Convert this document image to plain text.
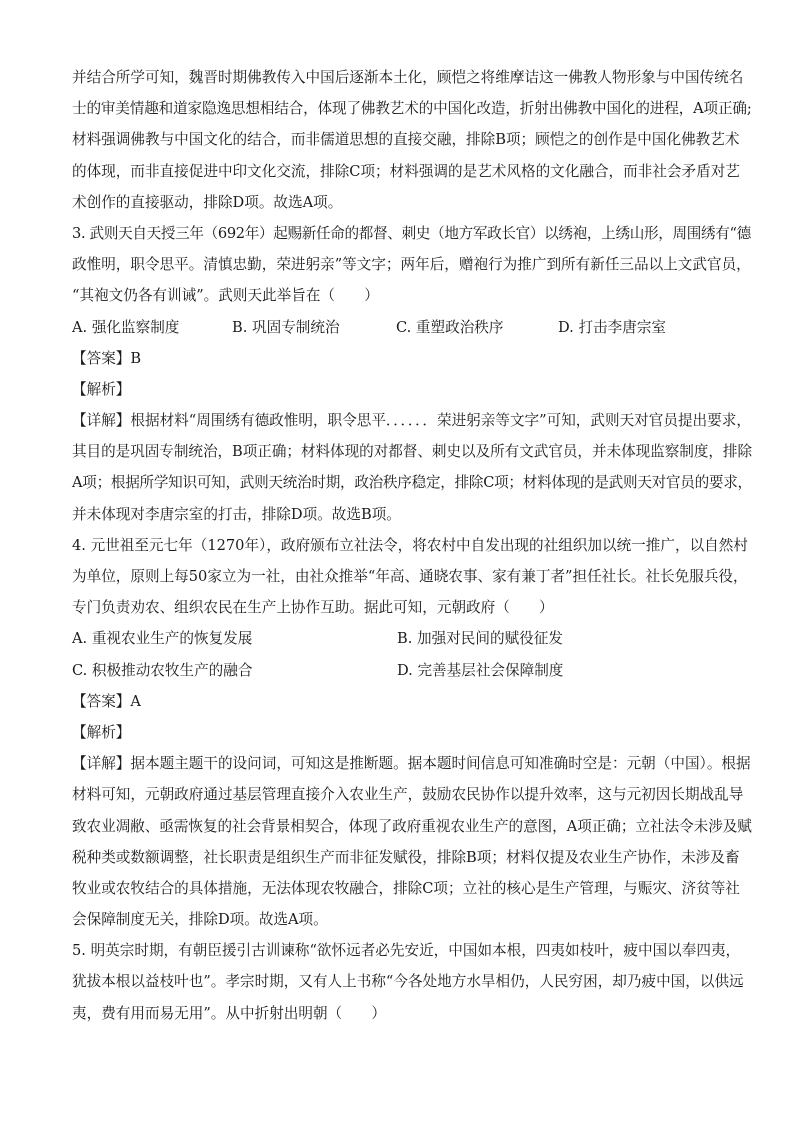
并结合所学可知，魏晋时期佛教传入中国后逐渐本土化，顾恺之将维摩诘这一佛教人物形象与中国传统名
士的审美情趣和道家隐逸思想相结合，体现了佛教艺术的中国化改造，折射出佛教中国化的进程，A项正确;
材料强调佛教与中国文化的结合，而非儒道思想的直接交融，排除B项；顾恺之的创作是中国化佛教艺术
的体现，而非直接促进中印文化交流，排除C项；材料强调的是艺术风格的文化融合，而非社会矛盾对艺
术创作的直接驱动，排除D项。故选A项。
3. 武则天自天授三年（692年）起赐新任命的都督、刺史（地方军政长官）以绣袍，上绣山形，周围绣有“德
政惟明，职令思平。清慎忠勤，荣进躬亲”等文字；两年后，赠袍行为推广到所有新任三品以上文武官员，
“其袍文仍各有训诫”。武则天此举旨在（　　）
A. 强化监察制度	B. 巩固专制统治	C. 重塑政治秩序	D. 打击李唐宗室
【答案】B
【解析】
【详解】根据材料“周围绣有德政惟明，职令思平．．．．．．荣进躬亲等文字”可知，武则天对官员提出要求，
其目的是巩固专制统治，B项正确；材料体现的对都督、刺史以及所有文武官员，并未体现监察制度，排除
A项；根据所学知识可知，武则天统治时期，政治秩序稳定，排除C项；材料体现的是武则天对官员的要求，
并未体现对李唐宗室的打击，排除D项。故选B项。
4. 元世祖至元七年（1270年），政府颁布立社法令，将农村中自发出现的社组织加以统一推广，以自然村
为单位，原则上每50家立为一社，由社众推举“年高、通晓农事、家有兼丁者”担任社长。社长免服兵役，
专门负责劝农、组织农民在生产上协作互助。据此可知，元朝政府（　　）
A. 重视农业生产的恢复发展	B. 加强对民间的赋役征发
C. 积极推动农牧生产的融合	D. 完善基层社会保障制度
【答案】A
【解析】
【详解】据本题主题干的设问词，可知这是推断题。据本题时间信息可知准确时空是：元朝（中国）。根据
材料可知，元朝政府通过基层管理直接介入农业生产，鼓励农民协作以提升效率，这与元初因长期战乱导
致农业凋敝、亟需恢复的社会背景相契合，体现了政府重视农业生产的意图，A项正确；立社法令未涉及赋
税种类或数额调整，社长职责是组织生产而非征发赋役，排除B项；材料仅提及农业生产协作，未涉及畜
牧业或农牧结合的具体措施，无法体现农牧融合，排除C项；立社的核心是生产管理，与赈灾、济贫等社
会保障制度无关，排除D项。故选A项。
5. 明英宗时期，有朝臣援引古训谏称“欲怀远者必先安近，中国如本根，四夷如枝叶，疲中国以奉四夷，
犹拔本根以益枝叶也”。孝宗时期，又有人上书称“今各处地方水旱相仍，人民穷困，却乃疲中国，以供远
夷，费有用而易无用”。从中折射出明朝（　　）
